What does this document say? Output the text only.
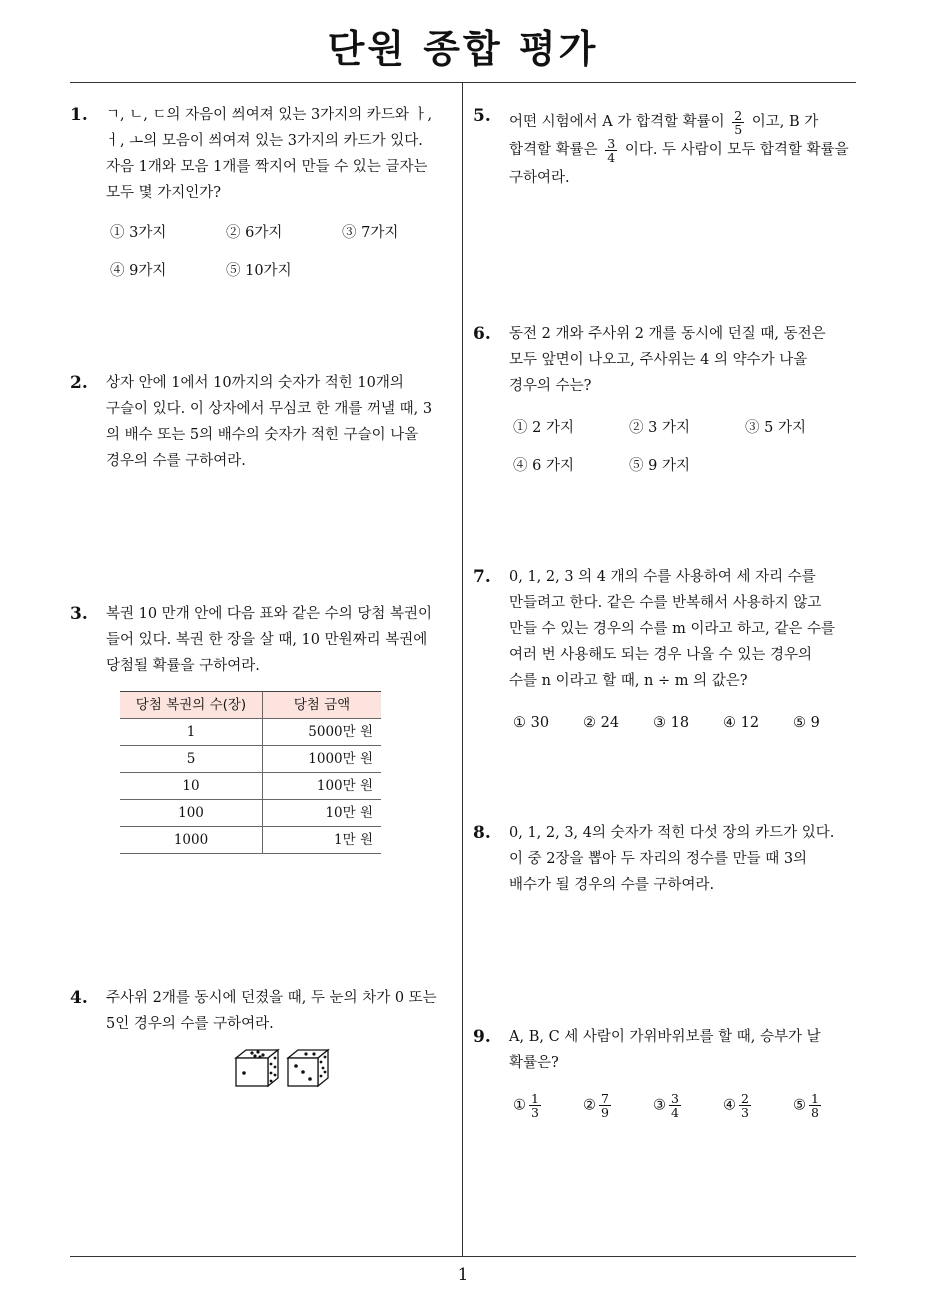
단원 종합 평가
1
1. ㄱ, ㄴ, ㄷ의 자음이 씌여져 있는 3가지의 카드와 ㅏ,
ㅓ, ㅗ의 모음이 씌여져 있는 3가지의 카드가 있다.
자음 1개와 모음 1개를 짝지어 만들 수 있는 글자는
모두 몇 가지인가?
① 3가지	② 6가지	③ 7가지
④ 9가지	⑤ 10가지
2. 상자 안에 1에서 10까지의 숫자가 적힌 10개의
구슬이 있다. 이 상자에서 무심코 한 개를 꺼낼 때, 3
의 배수 또는 5의 배수의 숫자가 적힌 구슬이 나올
경우의 수를 구하여라.
3. 복권 10 만개 안에 다음 표와 같은 수의 당첨 복권이
들어 있다. 복권 한 장을 살 때, 10 만원짜리 복권에
당첨될 확률을 구하여라.
당첨 복권의 수(장)	당첨 금액
1	5000만 원
5	1000만 원
10	100만 원
100	10만 원
1000	1만 원
4. 주사위 2개를 동시에 던졌을 때, 두 눈의 차가 0 또는
5인 경우의 수를 구하여라.
5. 어떤 시험에서 A 가 합격할 확률이 $\frac{2}{5}$ 이고, B 가
합격할 확률은 $\frac{3}{4}$ 이다. 두 사람이 모두 합격할 확률을
구하여라.
6. 동전 2 개와 주사위 2 개를 동시에 던질 때, 동전은
모두 앞면이 나오고, 주사위는 4 의 약수가 나올
경우의 수는?
① 2 가지	② 3 가지	③ 5 가지
④ 6 가지	⑤ 9 가지
7. 0, 1, 2, 3 의 4 개의 수를 사용하여 세 자리 수를
만들려고 한다. 같은 수를 반복해서 사용하지 않고
만들 수 있는 경우의 수를 m 이라고 하고, 같은 수를
여러 번 사용해도 되는 경우 나올 수 있는 경우의
수를 n 이라고 할 때, n ÷ m 의 값은?
① 30 ② 24 ③ 18 ④ 12 ⑤ 9
8. 0, 1, 2, 3, 4의 숫자가 적힌 다섯 장의 카드가 있다.
이 중 2장을 뽑아 두 자리의 정수를 만들 때 3의
배수가 될 경우의 수를 구하여라.
9. A, B, C 세 사람이 가위바위보를 할 때, 승부가 날
확률은?
① $\frac{1}{3}$	② $\frac{7}{9}$	③ $\frac{3}{4}$	④ $\frac{2}{3}$	⑤ $\frac{1}{8}$
